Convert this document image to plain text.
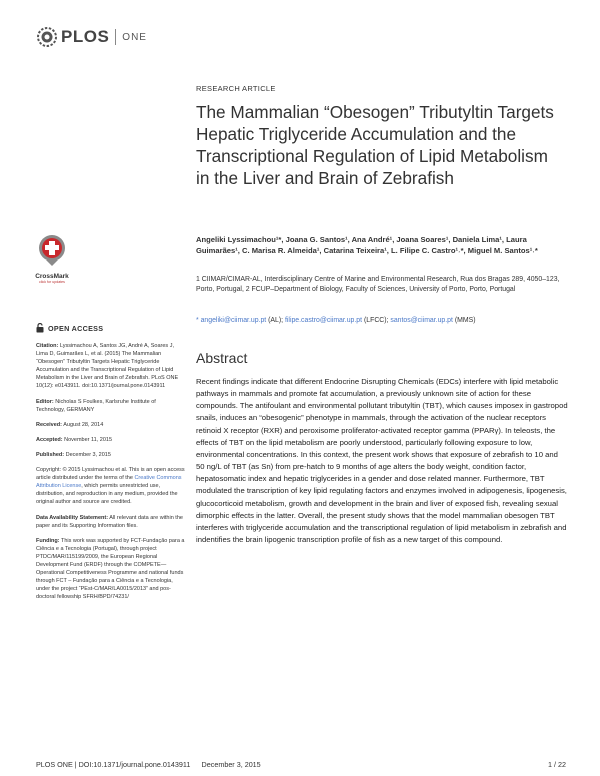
PLOS ONE
RESEARCH ARTICLE
The Mammalian “Obesogen” Tributyltin Targets Hepatic Triglyceride Accumulation and the Transcriptional Regulation of Lipid Metabolism in the Liver and Brain of Zebrafish
Angeliki Lyssimachou¹*, Joana G. Santos¹, Ana André¹, Joana Soares¹, Daniela Lima¹, Laura Guimarães¹, C. Marisa R. Almeida¹, Catarina Teixeira¹, L. Filipe C. Castro¹˒*, Miguel M. Santos¹˒*
1 CIIMAR/CIMAR-AL, Interdisciplinary Centre of Marine and Environmental Research, Rua dos Bragas 289, 4050–123, Porto, Portugal, 2 FCUP–Department of Biology, Faculty of Sciences, University of Porto, Porto, Portugal
* angeliki@ciimar.up.pt (AL); filipe.castro@ciimar.up.pt (LFCC); santos@ciimar.up.pt (MMS)
Abstract
Recent findings indicate that different Endocrine Disrupting Chemicals (EDCs) interfere with lipid metabolic pathways in mammals and promote fat accumulation, a previously unknown site of action for these compounds. The antifoulant and environmental pollutant tributyltin (TBT), which causes imposex in gastropod snails, induces an “obesogenic” phenotype in mammals, through the activation of the nuclear receptors retinoid X receptor (RXR) and peroxisome proliferator-activated receptor gamma (PPARγ). In teleosts, the effects of TBT on the lipid metabolism are poorly understood, particularly following exposure to low, environmental concentrations. In this context, the present work shows that exposure of zebrafish to 10 and 50 ng/L of TBT (as Sn) from pre-hatch to 9 months of age alters the body weight, condition factor, hepatosomatic index and hepatic triglycerides in a gender and dose related manner. Furthermore, TBT modulated the transcription of key lipid regulating factors and enzymes involved in adipogenesis, lipogenesis, glucocorticoid metabolism, growth and development in the brain and liver of exposed fish, revealing sexual dimorphic effects in the latter. Overall, the present study shows that the model mammalian obesogen TBT interferes with triglyceride accumulation and the transcriptional regulation of lipid metabolism in zebrafish and indentifies the brain lipogenic transcription profile of fish as a new target of this compound.
CrossMark
click for updates
OPEN ACCESS

Citation: Lyssimachou A, Santos JG, André A, Soares J, Lima D, Guimarães L, et al. (2015) The Mammalian “Obesogen” Tributyltin Targets Hepatic Triglyceride Accumulation and the Transcriptional Regulation of Lipid Metabolism in the Liver and Brain of Zebrafish. PLoS ONE 10(12): e0143911. doi:10.1371/journal.pone.0143911

Editor: Nicholas S Foulkes, Karlsruhe Institute of Technology, GERMANY

Received: August 28, 2014

Accepted: November 11, 2015

Published: December 3, 2015

Copyright: © 2015 Lyssimachou et al. This is an open access article distributed under the terms of the Creative Commons Attribution License, which permits unrestricted use, distribution, and reproduction in any medium, provided the original author and source are credited.

Data Availability Statement: All relevant data are within the paper and its Supporting Information files.

Funding: This work was supported by FCT-Fundação para a Ciência e a Tecnologia (Portugal), through project PTDC/MAR/115199/2009, the European Regional Development Fund (ERDF) through the COMPETE—Operational Competitiveness Programme and national funds through FCT – Fundação para a Ciência e a Tecnologia, under the project “PEst-C/MAR/LA0015/2013” and pos-doctoral fellowship SFRH/BPD/74231/

PLOS ONE | DOI:10.1371/journal.pone.0143911   December 3, 2015	1 / 22
